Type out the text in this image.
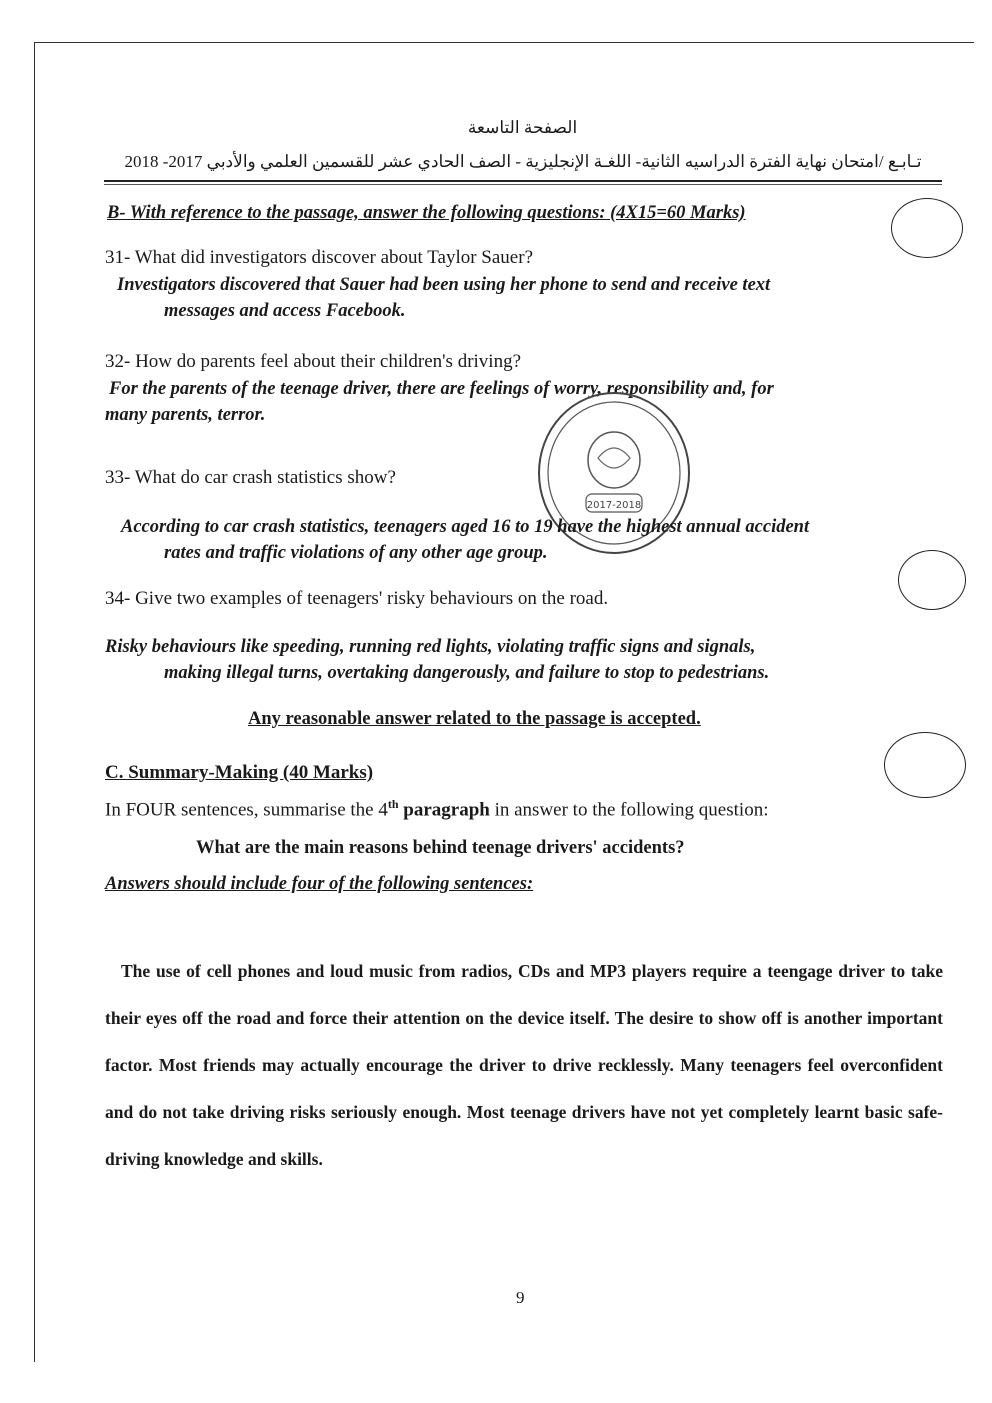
الصفحة التاسعة
تـابـع /امتحان نهاية الفترة الدراسيه الثانية- اللغـة الإنجليزية - الصف الحادي عشر للقسمين العلمي والأدبي 2017- 2018
B- With reference to the passage, answer the following questions: (4X15=60 Marks)
31- What did investigators discover about Taylor Sauer?
Investigators discovered that Sauer had been using her phone to send and receive text
messages and access Facebook.
32- How do parents feel about their children's driving?
For the parents of the teenage driver, there are feelings of worry, responsibility and, for
many parents, terror.
2017-2018
33- What do car crash statistics show?
According to car crash statistics, teenagers aged 16 to 19 have the highest annual accident
rates and traffic violations of any other age group.
34- Give two examples of teenagers' risky behaviours on the road.
Risky behaviours like speeding, running red lights, violating traffic signs and signals,
making illegal turns, overtaking dangerously, and failure to stop to pedestrians.
Any reasonable answer related to the passage is accepted.
C. Summary-Making (40 Marks)
In FOUR sentences, summarise the 4th paragraph in answer to the following question:
What are the main reasons behind teenage drivers' accidents?
Answers should include four of the following sentences:
The use of cell phones and loud music from radios, CDs and MP3 players require a teengage driver to take their eyes off the road and force their attention on the device itself. The desire to show off is another important factor. Most friends may actually encourage the driver to drive recklessly. Many teenagers feel overconfident and do not take driving risks seriously enough. Most teenage drivers have not yet completely learnt basic safe-driving knowledge and skills.
9
